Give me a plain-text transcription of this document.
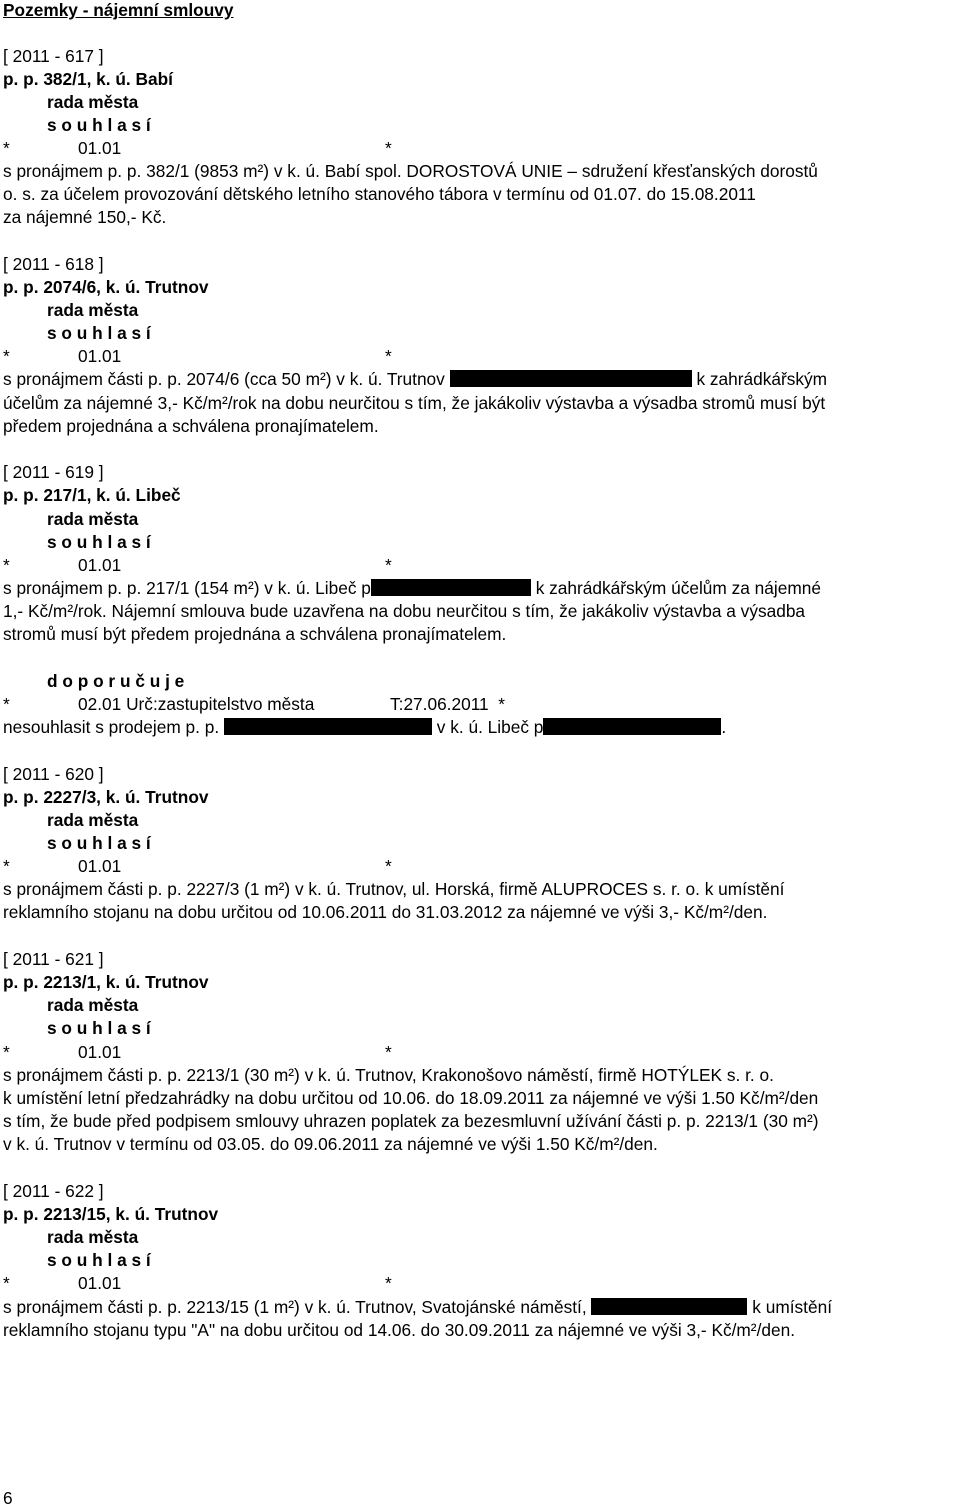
Pozemky - nájemní smlouvy
[ 2011 - 617 ]
p. p. 382/1, k. ú. Babí
rada města
s o u h l a s í
*	01.01	*
s pronájmem p. p. 382/1 (9853 m²) v k. ú. Babí spol. DOROSTOVÁ UNIE – sdružení křesťanských dorostů
o. s. za účelem provozování dětského letního stanového tábora v termínu od 01.07. do 15.08.2011
za nájemné 150,- Kč.
[ 2011 - 618 ]
p. p. 2074/6, k. ú. Trutnov
rada města
s o u h l a s í
*	01.01	*
s pronájmem části p. p. 2074/6 (cca 50 m²) v k. ú. Trutnov	k zahrádkářským
účelům za nájemné 3,- Kč/m²/rok na dobu neurčitou s tím, že jakákoliv výstavba a výsadba stromů musí být
předem projednána a schválena pronajímatelem.
[ 2011 - 619 ]
p. p. 217/1, k. ú. Libeč
rada města
s o u h l a s í
*	01.01	*
s pronájmem p. p. 217/1 (154 m²) v k. ú. Libeč p	k zahrádkářským účelům za nájemné
1,- Kč/m²/rok. Nájemní smlouva bude uzavřena na dobu neurčitou s tím, že jakákoliv výstavba a výsadba
stromů musí být předem projednána a schválena pronajímatelem.
d o p o r u č u j e
*	02.01 Urč:zastupitelstvo města	T:27.06.2011 *
nesouhlasit s prodejem p. p.	v k. ú. Libeč p	.
[ 2011 - 620 ]
p. p. 2227/3, k. ú. Trutnov
rada města
s o u h l a s í
*	01.01	*
s pronájmem části p. p. 2227/3 (1 m²) v k. ú. Trutnov, ul. Horská, firmě ALUPROCES s. r. o. k umístění
reklamního stojanu na dobu určitou od 10.06.2011 do 31.03.2012 za nájemné ve výši 3,- Kč/m²/den.
[ 2011 - 621 ]
p. p. 2213/1, k. ú. Trutnov
rada města
s o u h l a s í
*	01.01	*
s pronájmem části p. p. 2213/1 (30 m²) v k. ú. Trutnov, Krakonošovo náměstí, firmě HOTÝLEK s. r. o.
k umístění letní předzahrádky na dobu určitou od 10.06. do 18.09.2011 za nájemné ve výši 1.50 Kč/m²/den
s tím, že bude před podpisem smlouvy uhrazen poplatek za bezesmluvní užívání části p. p. 2213/1 (30 m²)
v k. ú. Trutnov v termínu od 03.05. do 09.06.2011 za nájemné ve výši 1.50 Kč/m²/den.
[ 2011 - 622 ]
p. p. 2213/15, k. ú. Trutnov
rada města
s o u h l a s í
*	01.01	*
s pronájmem části p. p. 2213/15 (1 m²) v k. ú. Trutnov, Svatojánské náměstí,	k umístění
reklamního stojanu typu "A" na dobu určitou od 14.06. do 30.09.2011 za nájemné ve výši 3,- Kč/m²/den.
6
